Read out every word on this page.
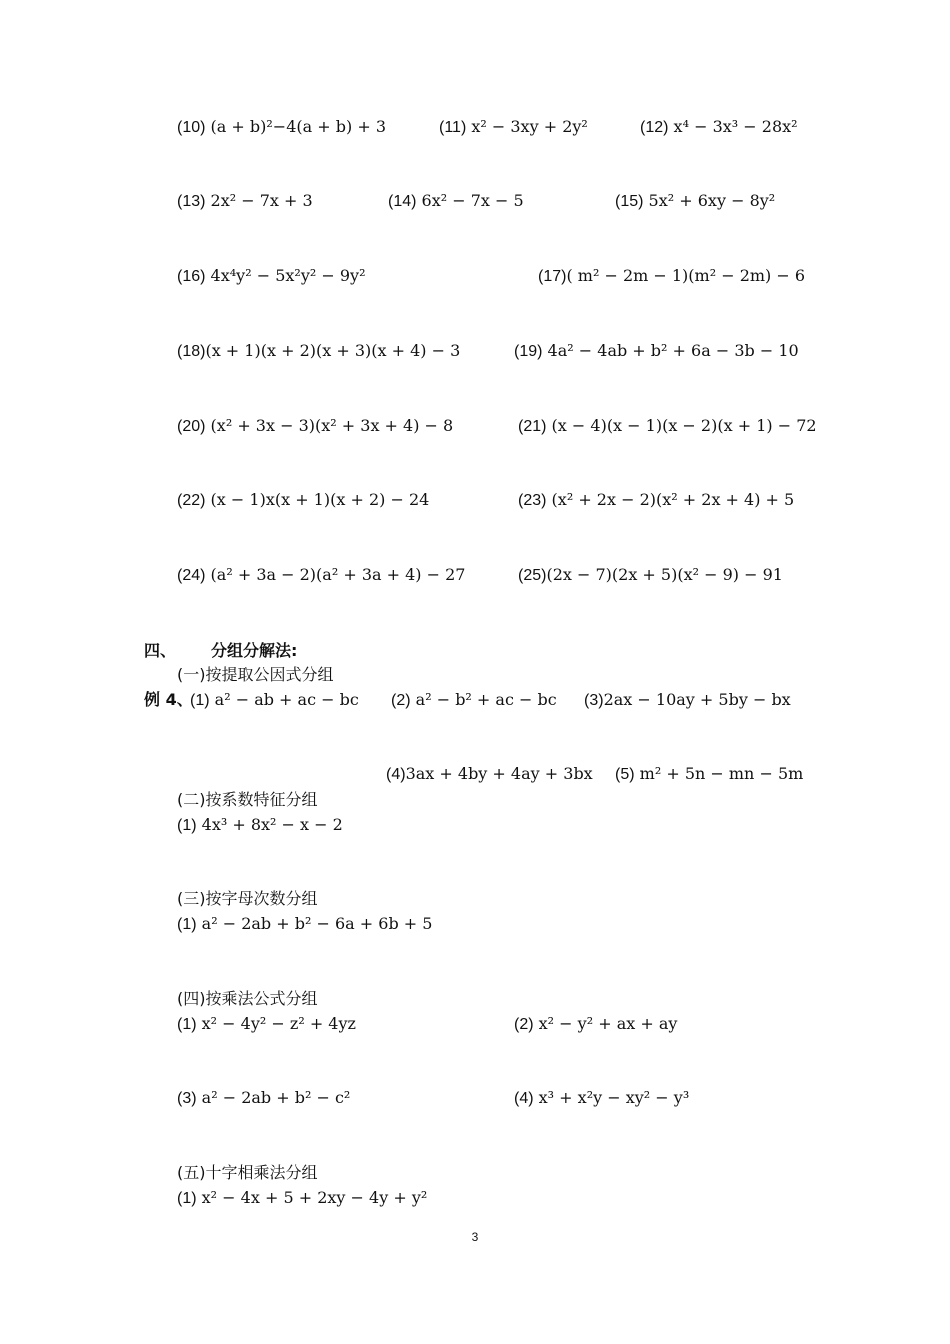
(10) (a + b)²−4(a + b) + 3	(11) x² − 3xy + 2y²	(12) x⁴ − 3x³ − 28x²
(13) 2x² − 7x + 3	(14) 6x² − 7x − 5	(15) 5x² + 6xy − 8y²
(16) 4x⁴y² − 5x²y² − 9y²	(17)( m² − 2m − 1)(m² − 2m) − 6
(18)(x + 1)(x + 2)(x + 3)(x + 4) − 3	(19) 4a² − 4ab + b² + 6a − 3b − 10
(20) (x² + 3x − 3)(x² + 3x + 4) − 8	(21) (x − 4)(x − 1)(x − 2)(x + 1) − 72
(22) (x − 1)x(x + 1)(x + 2) − 24	(23) (x² + 2x − 2)(x² + 2x + 4) + 5
(24) (a² + 3a − 2)(a² + 3a + 4) − 27	(25)(2x − 7)(2x + 5)(x² − 9) − 91
四、 分组分解法:
(一)按提取公因式分组
例 4、
(1) a² − ab + ac − bc (2) a² − b² + ac − bc (3)2ax − 10ay + 5by − bx
(4)3ax + 4by + 4ay + 3bx (5) m² + 5n − mn − 5m
(二)按系数特征分组
(1) 4x³ + 8x² − x − 2
(三)按字母次数分组
(1) a² − 2ab + b² − 6a + 6b + 5
(四)按乘法公式分组
(1) x² − 4y² − z² + 4yz	(2) x² − y² + ax + ay
(3) a² − 2ab + b² − c²	(4) x³ + x²y − xy² − y³
(五)十字相乘法分组
(1) x² − 4x + 5 + 2xy − 4y + y²
3
